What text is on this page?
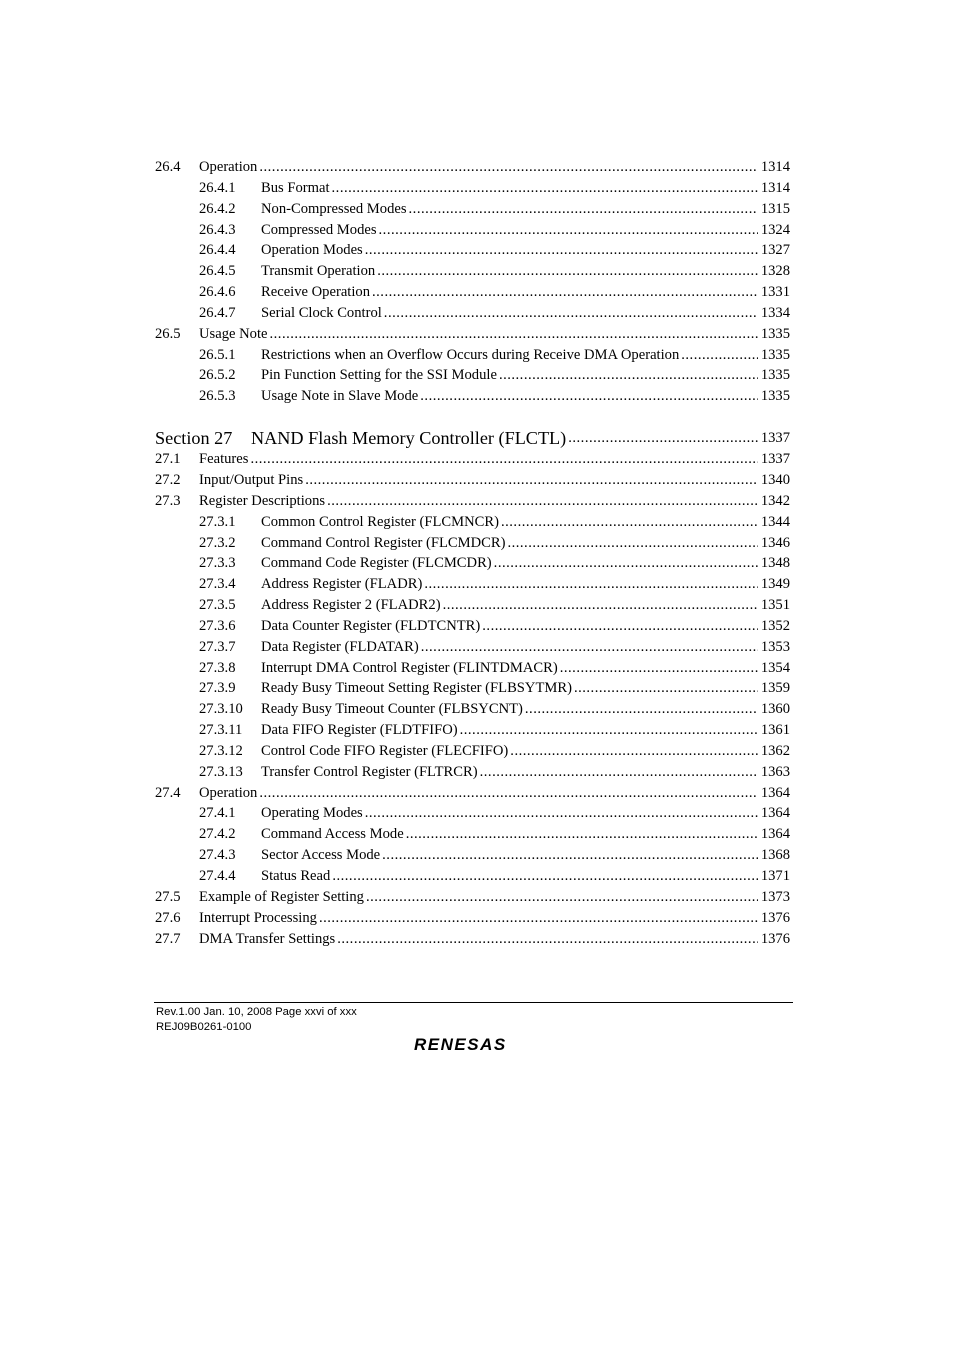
26.4	Operation .....	1314
26.4.1	Bus Format .....	1314
26.4.2	Non-Compressed Modes .....	1315
26.4.3	Compressed Modes .....	1324
26.4.4	Operation Modes .....	1327
26.4.5	Transmit Operation .....	1328
26.4.6	Receive Operation .....	1331
26.4.7	Serial Clock Control .....	1334
26.5	Usage Note .....	1335
26.5.1	Restrictions when an Overflow Occurs during Receive DMA Operation .....	1335
26.5.2	Pin Function Setting for the SSI Module .....	1335
26.5.3	Usage Note in Slave Mode .....	1335
Section 27	NAND Flash Memory Controller (FLCTL) .....	1337
27.1	Features .....	1337
27.2	Input/Output Pins .....	1340
27.3	Register Descriptions .....	1342
27.3.1	Common Control Register (FLCMNCR) .....	1344
27.3.2	Command Control Register (FLCMDCR) .....	1346
27.3.3	Command Code Register (FLCMCDR) .....	1348
27.3.4	Address Register (FLADR) .....	1349
27.3.5	Address Register 2 (FLADR2) .....	1351
27.3.6	Data Counter Register (FLDTCNTR) .....	1352
27.3.7	Data Register (FLDATAR) .....	1353
27.3.8	Interrupt DMA Control Register (FLINTDMACR) .....	1354
27.3.9	Ready Busy Timeout Setting Register (FLBSYTMR) .....	1359
27.3.10	Ready Busy Timeout Counter (FLBSYCNT) .....	1360
27.3.11	Data FIFO Register (FLDTFIFO) .....	1361
27.3.12	Control Code FIFO Register (FLECFIFO) .....	1362
27.3.13	Transfer Control Register (FLTRCR) .....	1363
27.4	Operation .....	1364
27.4.1	Operating Modes .....	1364
27.4.2	Command Access Mode .....	1364
27.4.3	Sector Access Mode .....	1368
27.4.4	Status Read .....	1371
27.5	Example of Register Setting .....	1373
27.6	Interrupt Processing .....	1376
27.7	DMA Transfer Settings .....	1376
Rev.1.00 Jan. 10, 2008 Page xxvi of xxx
REJ09B0261-0100
RENESAS
